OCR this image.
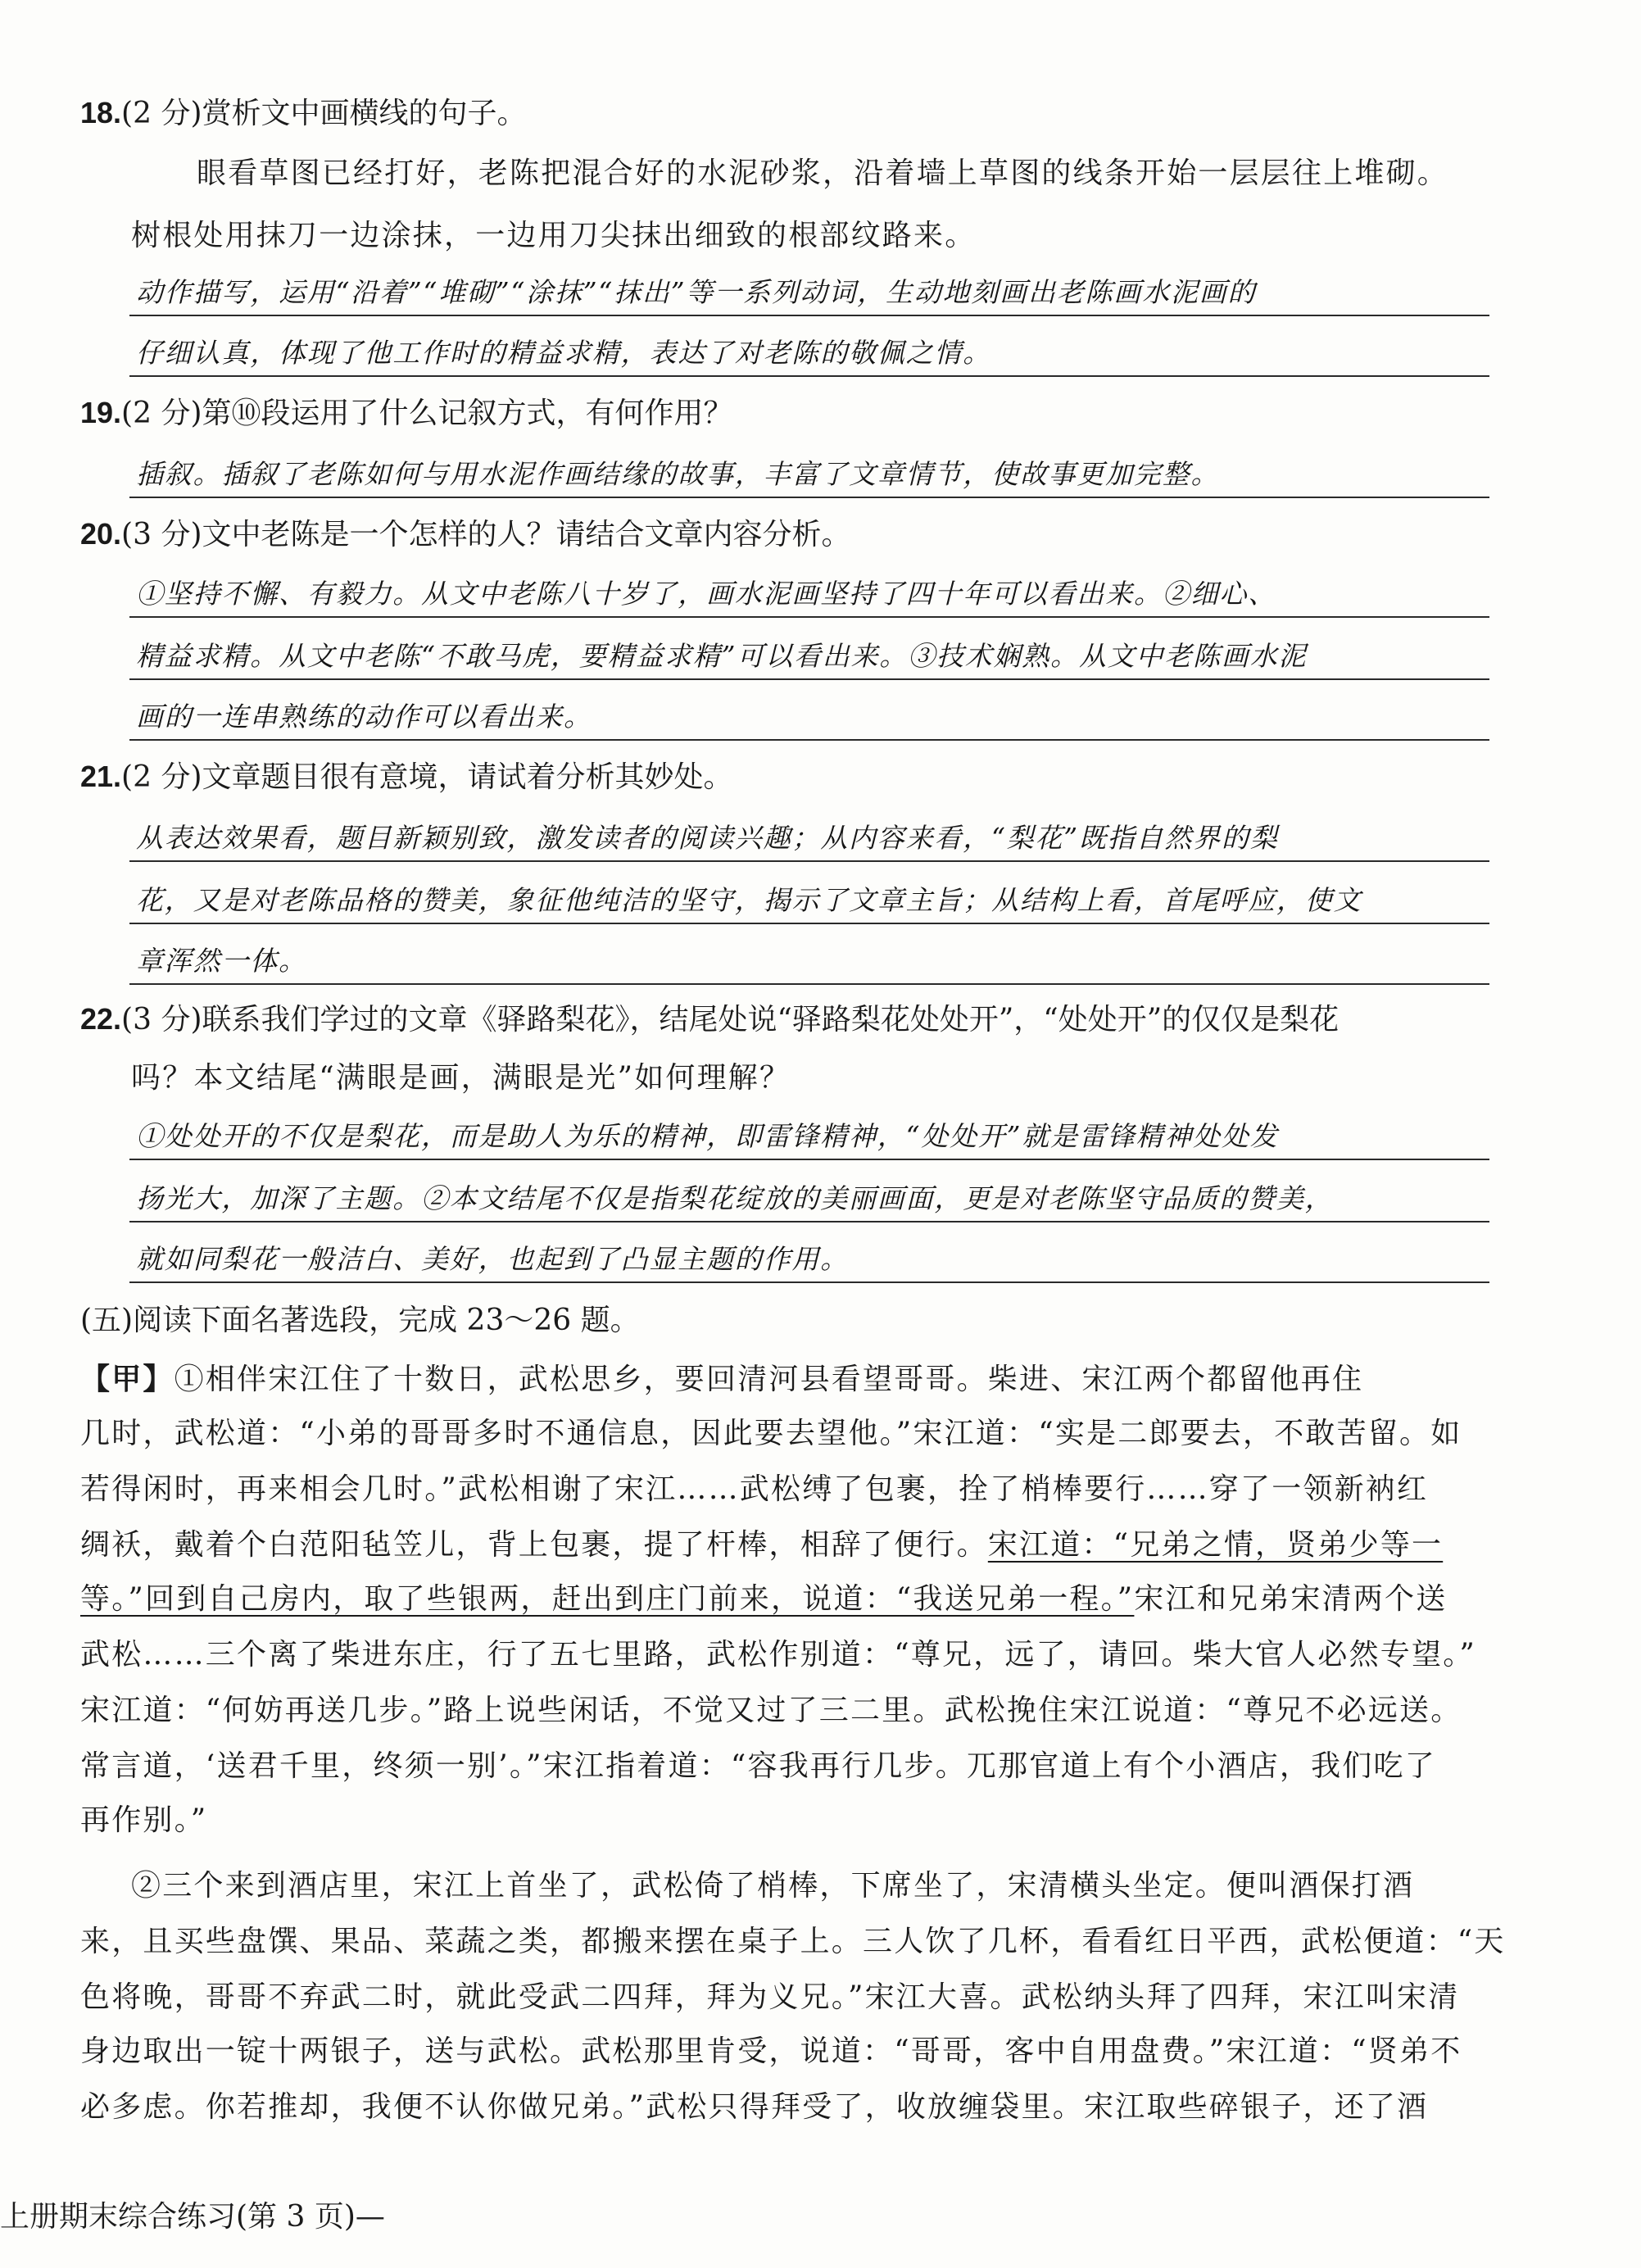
18.(2 分)赏析文中画横线的句子。
眼看草图已经打好，老陈把混合好的水泥砂浆，沿着墙上草图的线条开始一层层往上堆砌。
树根处用抹刀一边涂抹，一边用刀尖抹出细致的根部纹路来。
动作描写，运用“沿着”“堆砌”“涂抹”“抹出”等一系列动词，生动地刻画出老陈画水泥画的
仔细认真，体现了他工作时的精益求精，表达了对老陈的敬佩之情。
19.(2 分)第⑩段运用了什么记叙方式，有何作用？
插叙。插叙了老陈如何与用水泥作画结缘的故事，丰富了文章情节，使故事更加完整。
20.(3 分)文中老陈是一个怎样的人？请结合文章内容分析。
①坚持不懈、有毅力。从文中老陈八十岁了，画水泥画坚持了四十年可以看出来。②细心、
精益求精。从文中老陈“不敢马虎，要精益求精”可以看出来。③技术娴熟。从文中老陈画水泥
画的一连串熟练的动作可以看出来。
21.(2 分)文章题目很有意境，请试着分析其妙处。
从表达效果看，题目新颖别致，激发读者的阅读兴趣；从内容来看，“梨花”既指自然界的梨
花，又是对老陈品格的赞美，象征他纯洁的坚守，揭示了文章主旨；从结构上看，首尾呼应，使文
章浑然一体。
22.(3 分)联系我们学过的文章《驿路梨花》，结尾处说“驿路梨花处处开”，“处处开”的仅仅是梨花
吗？本文结尾“满眼是画，满眼是光”如何理解？
①处处开的不仅是梨花，而是助人为乐的精神，即雷锋精神，“处处开”就是雷锋精神处处发
扬光大，加深了主题。②本文结尾不仅是指梨花绽放的美丽画面，更是对老陈坚守品质的赞美，
就如同梨花一般洁白、美好，也起到了凸显主题的作用。
(五)阅读下面名著选段，完成 23～26 题。
【甲】①相伴宋江住了十数日，武松思乡，要回清河县看望哥哥。柴进、宋江两个都留他再住
几时，武松道：“小弟的哥哥多时不通信息，因此要去望他。”宋江道：“实是二郎要去，不敢苦留。如
若得闲时，再来相会几时。”武松相谢了宋江……武松缚了包裹，拴了梢棒要行……穿了一领新衲红
绸袄，戴着个白范阳毡笠儿，背上包裹，提了杆棒，相辞了便行。宋江道：“兄弟之情，贤弟少等一
等。”回到自己房内，取了些银两，赶出到庄门前来，说道：“我送兄弟一程。”宋江和兄弟宋清两个送
武松……三个离了柴进东庄，行了五七里路，武松作别道：“尊兄，远了，请回。柴大官人必然专望。”
宋江道：“何妨再送几步。”路上说些闲话，不觉又过了三二里。武松挽住宋江说道：“尊兄不必远送。
常言道，‘送君千里，终须一别’。”宋江指着道：“容我再行几步。兀那官道上有个小酒店，我们吃了
再作别。”
②三个来到酒店里，宋江上首坐了，武松倚了梢棒，下席坐了，宋清横头坐定。便叫酒保打酒
来，且买些盘馔、果品、菜蔬之类，都搬来摆在桌子上。三人饮了几杯，看看红日平西，武松便道：“天
色将晚，哥哥不弃武二时，就此受武二四拜，拜为义兄。”宋江大喜。武松纳头拜了四拜，宋江叫宋清
身边取出一锭十两银子，送与武松。武松那里肯受，说道：“哥哥，客中自用盘费。”宋江道：“贤弟不
必多虑。你若推却，我便不认你做兄弟。”武松只得拜受了，收放缠袋里。宋江取些碎银子，还了酒
上册期末综合练习(第 3 页)—
